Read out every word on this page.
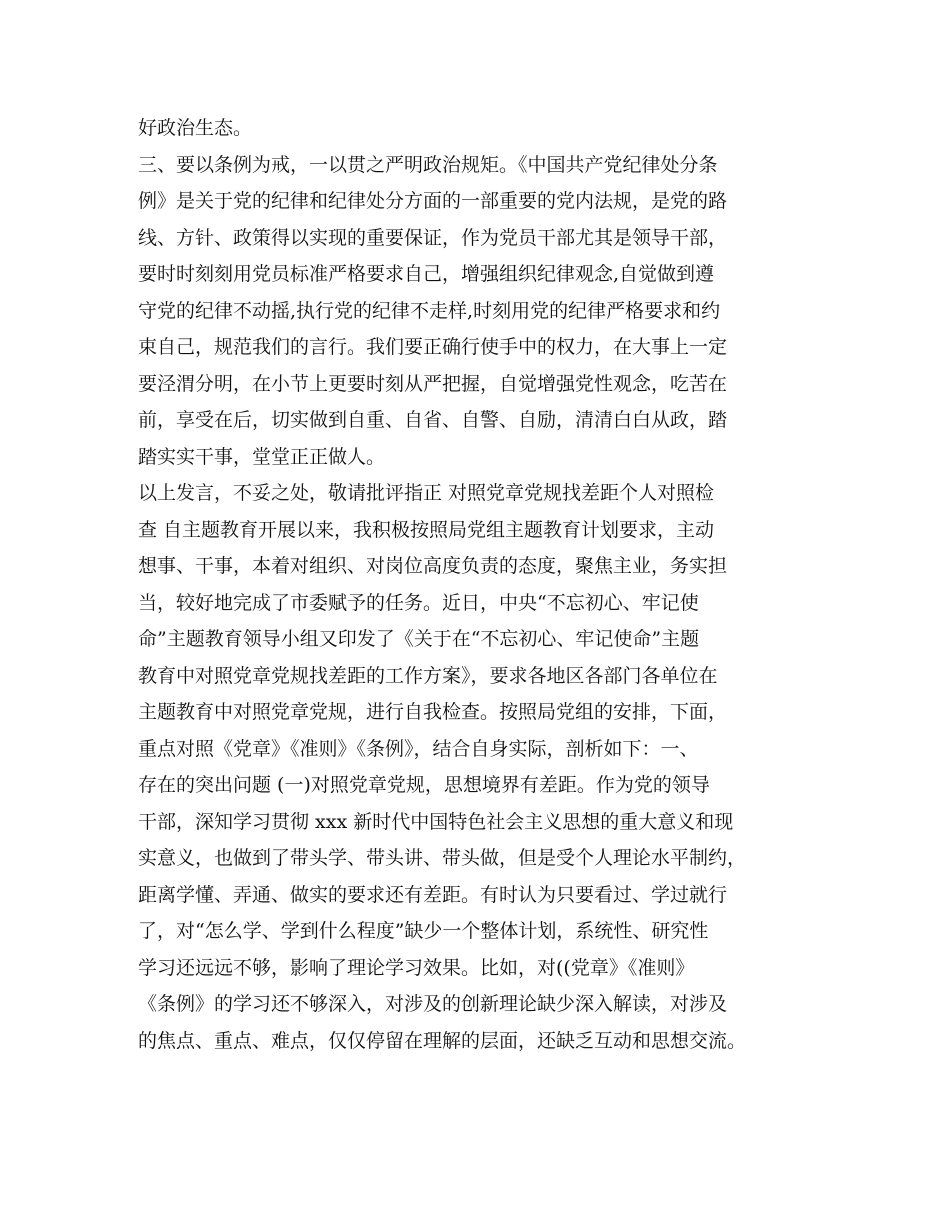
好政治生态。
三、要以条例为戒，一以贯之严明政治规矩。《中国共产党纪律处分条
例》是关于党的纪律和纪律处分方面的一部重要的党内法规，是党的路
线、方针、政策得以实现的重要保证，作为党员干部尤其是领导干部，
要时时刻刻用党员标准严格要求自己，增强组织纪律观念,自觉做到遵
守党的纪律不动摇,执行党的纪律不走样,时刻用党的纪律严格要求和约
束自己，规范我们的言行。我们要正确行使手中的权力，在大事上一定
要泾渭分明，在小节上更要时刻从严把握，自觉增强党性观念，吃苦在
前，享受在后，切实做到自重、自省、自警、自励，清清白白从政，踏
踏实实干事，堂堂正正做人。
以上发言，不妥之处，敬请批评指正 对照党章党规找差距个人对照检
查 自主题教育开展以来，我积极按照局党组主题教育计划要求，主动
想事、干事，本着对组织、对岗位高度负责的态度，聚焦主业，务实担
当，较好地完成了市委赋予的任务。近日，中央“不忘初心、牢记使
命”主题教育领导小组又印发了《关于在“不忘初心、牢记使命”主题
教育中对照党章党规找差距的工作方案》，要求各地区各部门各单位在
主题教育中对照党章党规，进行自我检查。按照局党组的安排，下面，
重点对照《党章》《准则》《条例》，结合自身实际，剖析如下：一、
存在的突出问题 (一)对照党章党规，思想境界有差距。作为党的领导
干部，深知学习贯彻 xxx 新时代中国特色社会主义思想的重大意义和现
实意义，也做到了带头学、带头讲、带头做，但是受个人理论水平制约，
距离学懂、弄通、做实的要求还有差距。有时认为只要看过、学过就行
了，对“怎么学、学到什么程度”缺少一个整体计划，系统性、研究性
学习还远远不够，影响了理论学习效果。比如，对((党章》《准则》
《条例》的学习还不够深入，对涉及的创新理论缺少深入解读，对涉及
的焦点、重点、难点，仅仅停留在理解的层面，还缺乏互动和思想交流。
